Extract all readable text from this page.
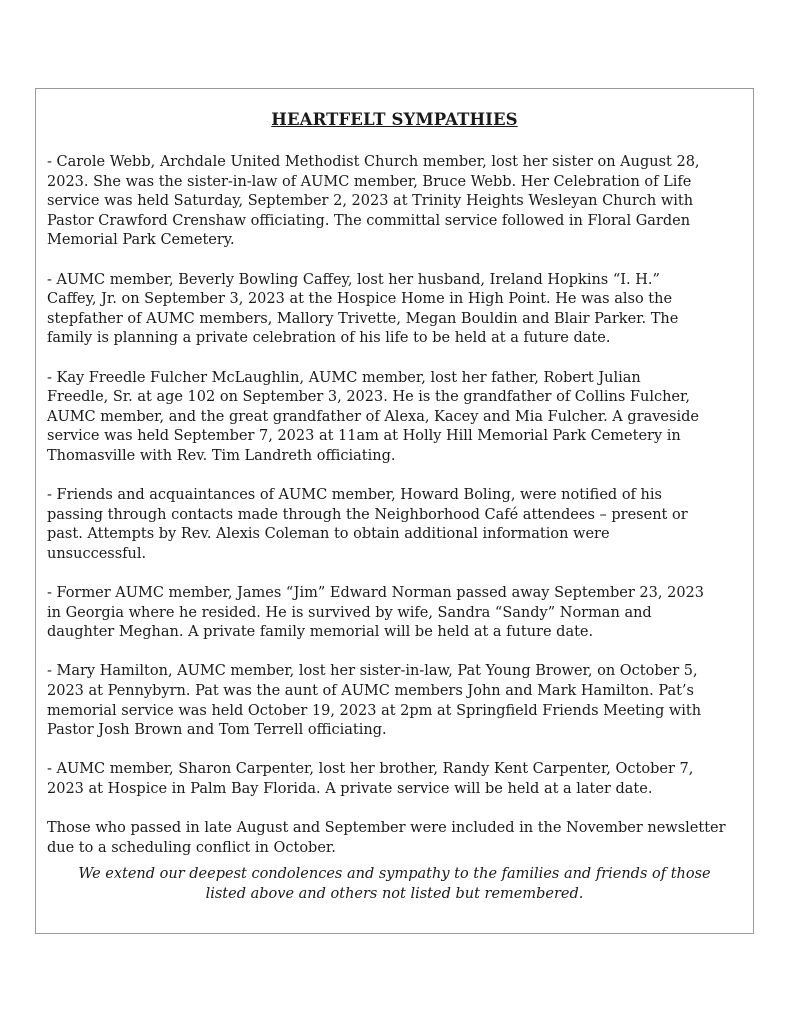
HEARTFELT SYMPATHIES

- Carole Webb, Archdale United Methodist Church member, lost her sister on August 28,
2023. She was the sister-in-law of AUMC member, Bruce Webb. Her Celebration of Life
service was held Saturday, September 2, 2023 at Trinity Heights Wesleyan Church with
Pastor Crawford Crenshaw officiating. The committal service followed in Floral Garden
Memorial Park Cemetery.

- AUMC member, Beverly Bowling Caffey, lost her husband, Ireland Hopkins “I. H.”
Caffey, Jr. on September 3, 2023 at the Hospice Home in High Point. He was also the
stepfather of AUMC members, Mallory Trivette, Megan Bouldin and Blair Parker. The
family is planning a private celebration of his life to be held at a future date.

- Kay Freedle Fulcher McLaughlin, AUMC member, lost her father, Robert Julian
Freedle, Sr. at age 102 on September 3, 2023. He is the grandfather of Collins Fulcher,
AUMC member, and the great grandfather of Alexa, Kacey and Mia Fulcher. A graveside
service was held September 7, 2023 at 11am at Holly Hill Memorial Park Cemetery in
Thomasville with Rev. Tim Landreth officiating.

- Friends and acquaintances of AUMC member, Howard Boling, were notified of his
passing through contacts made through the Neighborhood Café attendees – present or
past. Attempts by Rev. Alexis Coleman to obtain additional information were
unsuccessful.

- Former AUMC member, James “Jim” Edward Norman passed away September 23, 2023
in Georgia where he resided. He is survived by wife, Sandra “Sandy” Norman and
daughter Meghan. A private family memorial will be held at a future date.

- Mary Hamilton, AUMC member, lost her sister-in-law, Pat Young Brower, on October 5,
2023 at Pennybyrn. Pat was the aunt of AUMC members John and Mark Hamilton. Pat’s
memorial service was held October 19, 2023 at 2pm at Springfield Friends Meeting with
Pastor Josh Brown and Tom Terrell officiating.

- AUMC member, Sharon Carpenter, lost her brother, Randy Kent Carpenter, October 7,
2023 at Hospice in Palm Bay Florida. A private service will be held at a later date.

Those who passed in late August and September were included in the November newsletter
due to a scheduling conflict in October.

We extend our deepest condolences and sympathy to the families and friends of those
listed above and others not listed but remembered.
